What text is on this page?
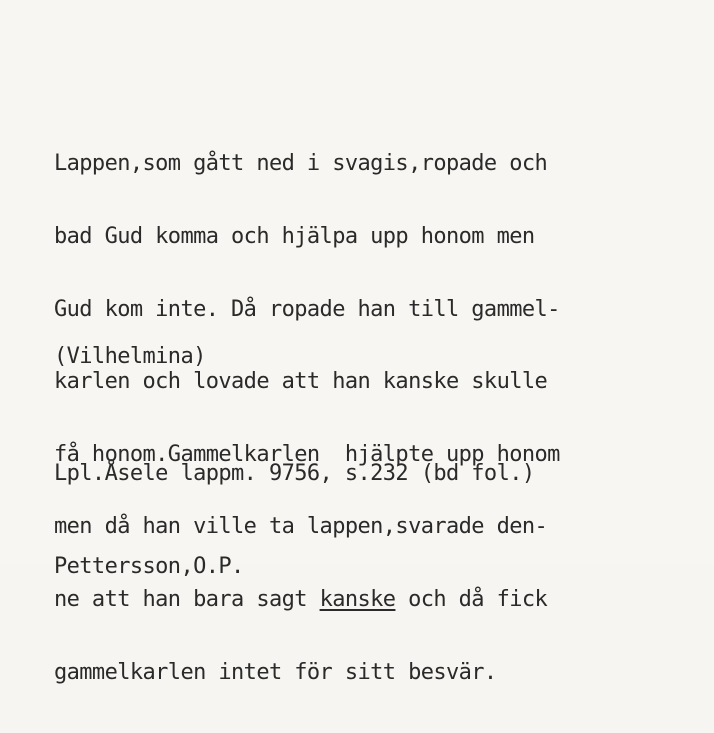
Lappen,som gått ned i svagis,ropade och

bad Gud komma och hjälpa upp honom men

Gud kom inte. Då ropade han till gammel-

karlen och lovade att han kanske skulle

få honom.Gammelkarlen  hjälpte upp honom

men då han ville ta lappen,svarade den-

ne att han bara sagt kanske och då fick

gammelkarlen intet för sitt besvär.

(Vilhelmina)

Lpl.Åsele lappm. 9756, s.232 (bd fol.)

Pettersson,O.P.
